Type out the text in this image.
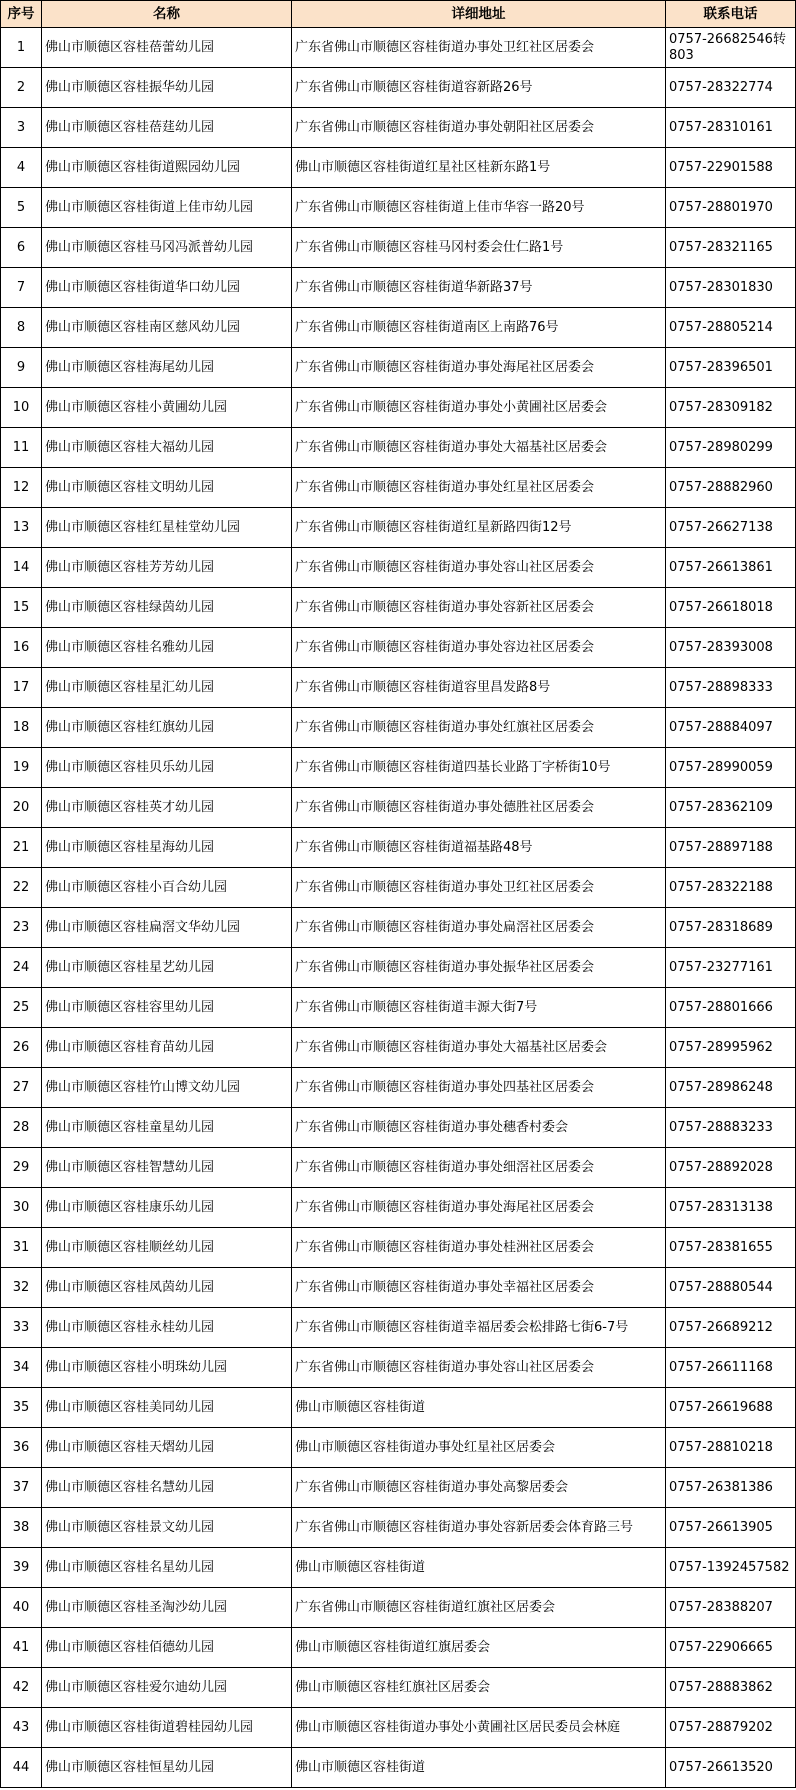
序号	名称	详细地址	联系电话
1	佛山市顺德区容桂蓓蕾幼儿园	广东省佛山市顺德区容桂街道办事处卫红社区居委会	0757-26682546转803
2	佛山市顺德区容桂振华幼儿园	广东省佛山市顺德区容桂街道容新路26号	0757-28322774
3	佛山市顺德区容桂蓓莛幼儿园	广东省佛山市顺德区容桂街道办事处朝阳社区居委会	0757-28310161
4	佛山市顺德区容桂街道熙园幼儿园	佛山市顺德区容桂街道红星社区桂新东路1号	0757-22901588
5	佛山市顺德区容桂街道上佳市幼儿园	广东省佛山市顺德区容桂街道上佳市华容一路20号	0757-28801970
6	佛山市顺德区容桂马冈冯派普幼儿园	广东省佛山市顺德区容桂马冈村委会仕仁路1号	0757-28321165
7	佛山市顺德区容桂街道华口幼儿园	广东省佛山市顺德区容桂街道华新路37号	0757-28301830
8	佛山市顺德区容桂南区慈风幼儿园	广东省佛山市顺德区容桂街道南区上南路76号	0757-28805214
9	佛山市顺德区容桂海尾幼儿园	广东省佛山市顺德区容桂街道办事处海尾社区居委会	0757-28396501
10	佛山市顺德区容桂小黄圃幼儿园	广东省佛山市顺德区容桂街道办事处小黄圃社区居委会	0757-28309182
11	佛山市顺德区容桂大福幼儿园	广东省佛山市顺德区容桂街道办事处大福基社区居委会	0757-28980299
12	佛山市顺德区容桂文明幼儿园	广东省佛山市顺德区容桂街道办事处红星社区居委会	0757-28882960
13	佛山市顺德区容桂红星桂堂幼儿园	广东省佛山市顺德区容桂街道红星新路四街12号	0757-26627138
14	佛山市顺德区容桂芳芳幼儿园	广东省佛山市顺德区容桂街道办事处容山社区居委会	0757-26613861
15	佛山市顺德区容桂绿茵幼儿园	广东省佛山市顺德区容桂街道办事处容新社区居委会	0757-26618018
16	佛山市顺德区容桂名雅幼儿园	广东省佛山市顺德区容桂街道办事处容边社区居委会	0757-28393008
17	佛山市顺德区容桂星汇幼儿园	广东省佛山市顺德区容桂街道容里昌发路8号	0757-28898333
18	佛山市顺德区容桂红旗幼儿园	广东省佛山市顺德区容桂街道办事处红旗社区居委会	0757-28884097
19	佛山市顺德区容桂贝乐幼儿园	广东省佛山市顺德区容桂街道四基长业路丁字桥街10号	0757-28990059
20	佛山市顺德区容桂英才幼儿园	广东省佛山市顺德区容桂街道办事处德胜社区居委会	0757-28362109
21	佛山市顺德区容桂星海幼儿园	广东省佛山市顺德区容桂街道福基路48号	0757-28897188
22	佛山市顺德区容桂小百合幼儿园	广东省佛山市顺德区容桂街道办事处卫红社区居委会	0757-28322188
23	佛山市顺德区容桂扁滘文华幼儿园	广东省佛山市顺德区容桂街道办事处扁滘社区居委会	0757-28318689
24	佛山市顺德区容桂星艺幼儿园	广东省佛山市顺德区容桂街道办事处振华社区居委会	0757-23277161
25	佛山市顺德区容桂容里幼儿园	广东省佛山市顺德区容桂街道丰源大街7号	0757-28801666
26	佛山市顺德区容桂育苗幼儿园	广东省佛山市顺德区容桂街道办事处大福基社区居委会	0757-28995962
27	佛山市顺德区容桂竹山博文幼儿园	广东省佛山市顺德区容桂街道办事处四基社区居委会	0757-28986248
28	佛山市顺德区容桂童星幼儿园	广东省佛山市顺德区容桂街道办事处穗香村委会	0757-28883233
29	佛山市顺德区容桂智慧幼儿园	广东省佛山市顺德区容桂街道办事处细滘社区居委会	0757-28892028
30	佛山市顺德区容桂康乐幼儿园	广东省佛山市顺德区容桂街道办事处海尾社区居委会	0757-28313138
31	佛山市顺德区容桂顺丝幼儿园	广东省佛山市顺德区容桂街道办事处桂洲社区居委会	0757-28381655
32	佛山市顺德区容桂凤茵幼儿园	广东省佛山市顺德区容桂街道办事处幸福社区居委会	0757-28880544
33	佛山市顺德区容桂永桂幼儿园	广东省佛山市顺德区容桂街道幸福居委会松排路七街6-7号	0757-26689212
34	佛山市顺德区容桂小明珠幼儿园	广东省佛山市顺德区容桂街道办事处容山社区居委会	0757-26611168
35	佛山市顺德区容桂美同幼儿园	佛山市顺德区容桂街道	0757-26619688
36	佛山市顺德区容桂天熠幼儿园	佛山市顺德区容桂街道办事处红星社区居委会	0757-28810218
37	佛山市顺德区容桂名慧幼儿园	广东省佛山市顺德区容桂街道办事处高黎居委会	0757-26381386
38	佛山市顺德区容桂景文幼儿园	广东省佛山市顺德区容桂街道办事处容新居委会体育路三号	0757-26613905
39	佛山市顺德区容桂名星幼儿园	佛山市顺德区容桂街道	0757-1392457582
40	佛山市顺德区容桂圣淘沙幼儿园	广东省佛山市顺德区容桂街道红旗社区居委会	0757-28388207
41	佛山市顺德区容桂佰德幼儿园	佛山市顺德区容桂街道红旗居委会	0757-22906665
42	佛山市顺德区容桂爱尔迪幼儿园	佛山市顺德区容桂红旗社区居委会	0757-28883862
43	佛山市顺德区容桂街道碧桂园幼儿园	佛山市顺德区容桂街道办事处小黄圃社区居民委员会林庭	0757-28879202
44	佛山市顺德区容桂恒星幼儿园	佛山市顺德区容桂街道	0757-26613520
